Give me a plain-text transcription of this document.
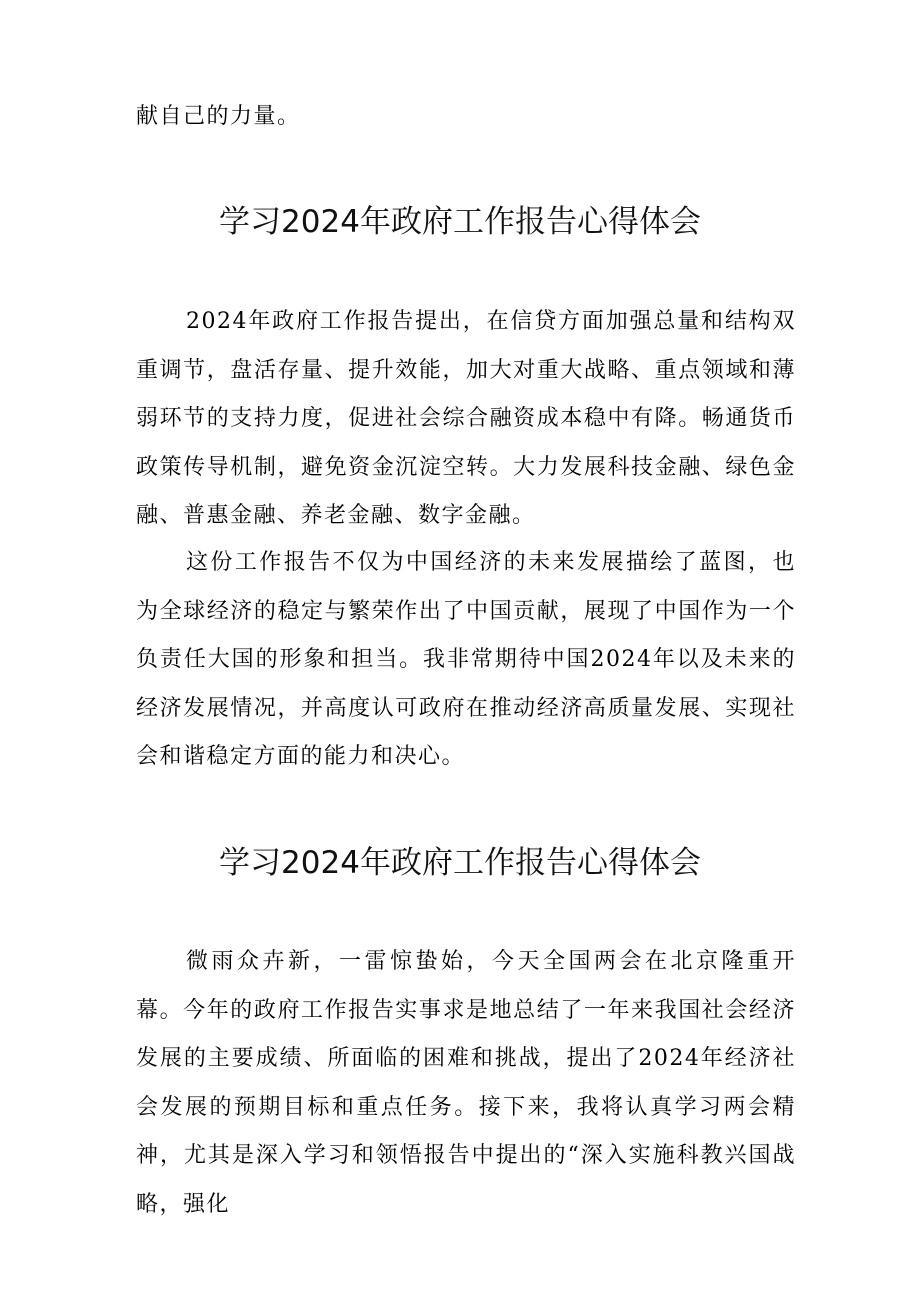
献自己的力量。

学习2024年政府工作报告心得体会

2024年政府工作报告提出，在信贷方面加强总量和结构双重调节，盘活存量、提升效能，加大对重大战略、重点领域和薄弱环节的支持力度，促进社会综合融资成本稳中有降。畅通货币政策传导机制，避免资金沉淀空转。大力发展科技金融、绿色金融、普惠金融、养老金融、数字金融。

这份工作报告不仅为中国经济的未来发展描绘了蓝图，也为全球经济的稳定与繁荣作出了中国贡献，展现了中国作为一个负责任大国的形象和担当。我非常期待中国2024年以及未来的经济发展情况，并高度认可政府在推动经济高质量发展、实现社会和谐稳定方面的能力和决心。

学习2024年政府工作报告心得体会

微雨众卉新，一雷惊蛰始，今天全国两会在北京隆重开幕。今年的政府工作报告实事求是地总结了一年来我国社会经济发展的主要成绩、所面临的困难和挑战，提出了2024年经济社会发展的预期目标和重点任务。接下来，我将认真学习两会精神，尤其是深入学习和领悟报告中提出的“深入实施科教兴国战略，强化
